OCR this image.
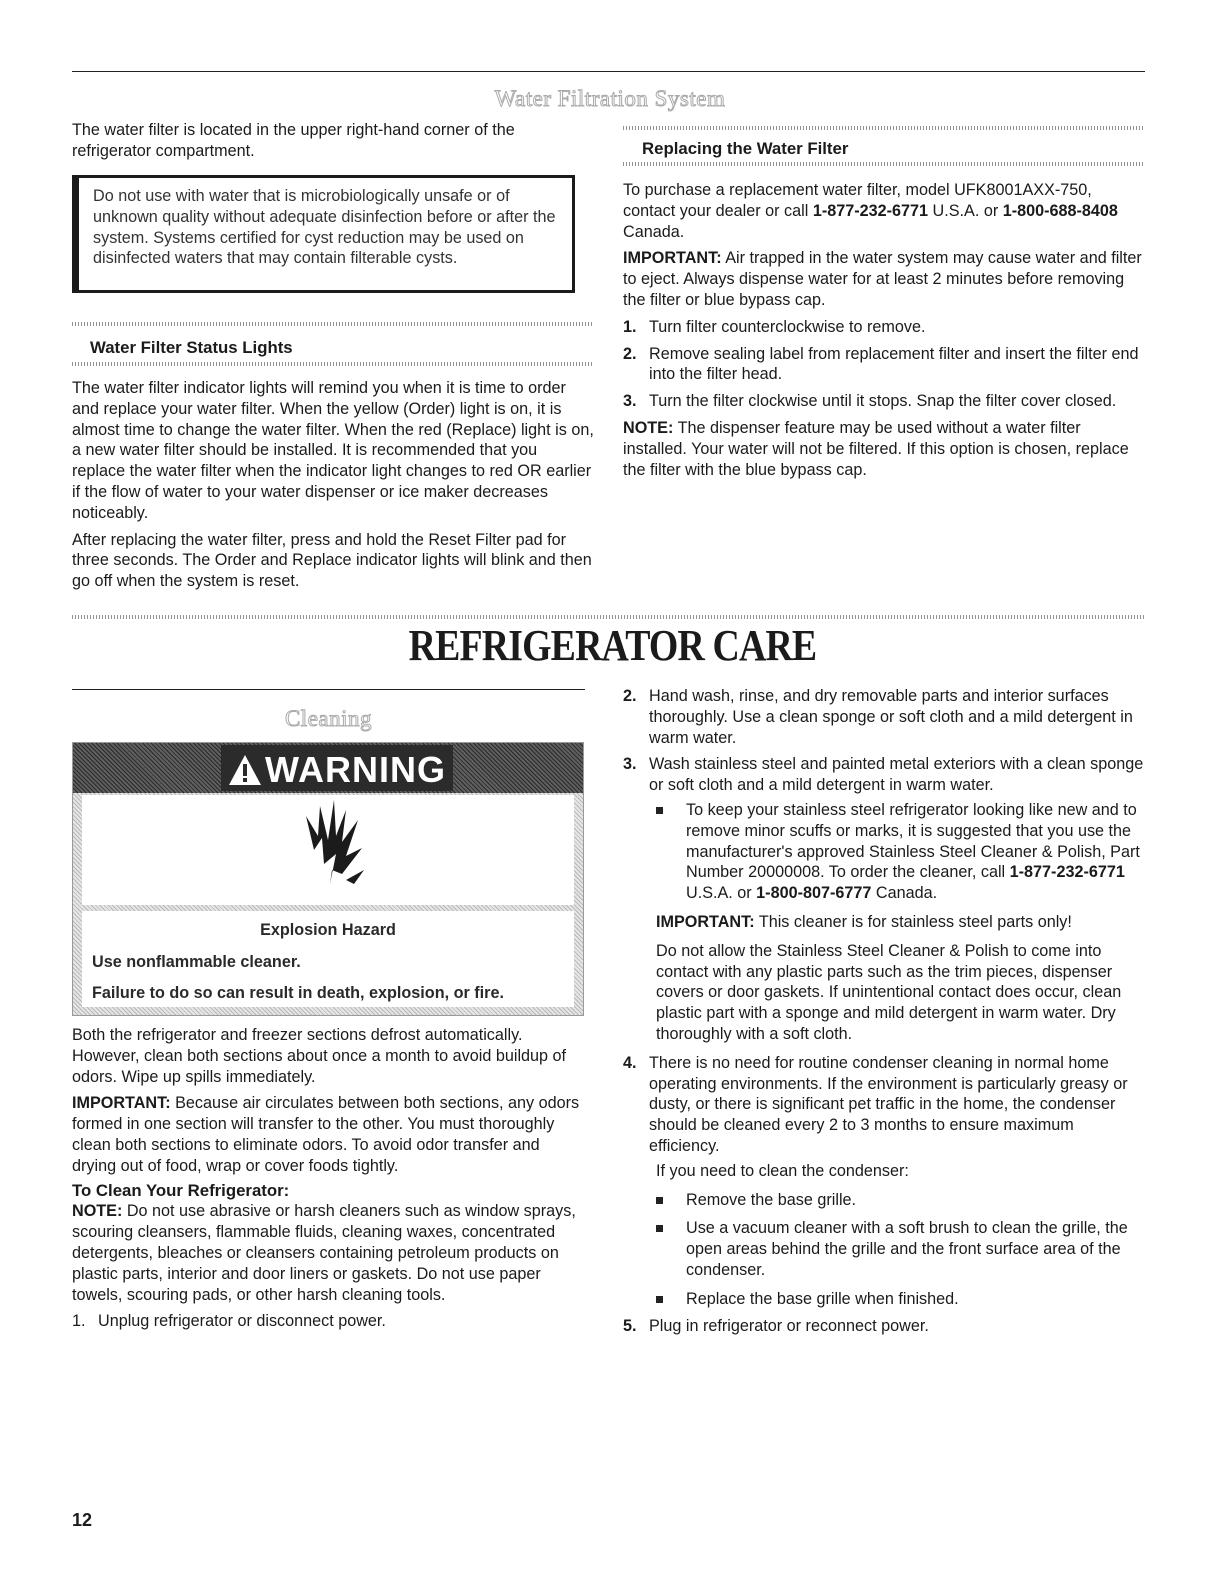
Water Filtration System
The water filter is located in the upper right-hand corner of the refrigerator compartment.
Do not use with water that is microbiologically unsafe or of unknown quality without adequate disinfection before or after the system. Systems certified for cyst reduction may be used on disinfected waters that may contain filterable cysts.
Water Filter Status Lights

The water filter indicator lights will remind you when it is time to order and replace your water filter. When the yellow (Order) light is on, it is almost time to change the water filter. When the red (Replace) light is on, a new water filter should be installed. It is recommended that you replace the water filter when the indicator light changes to red OR earlier if the flow of water to your water dispenser or ice maker decreases noticeably.

After replacing the water filter, press and hold the Reset Filter pad for three seconds. The Order and Replace indicator lights will blink and then go off when the system is reset.

Replacing the Water Filter

To purchase a replacement water filter, model UFK8001AXX-750, contact your dealer or call 1-877-232-6771 U.S.A. or 1-800-688-8408 Canada.

IMPORTANT: Air trapped in the water system may cause water and filter to eject. Always dispense water for at least 2 minutes before removing the filter or blue bypass cap.

1. Turn filter counterclockwise to remove.
2. Remove sealing label from replacement filter and insert the filter end into the filter head.
3. Turn the filter clockwise until it stops. Snap the filter cover closed.

NOTE: The dispenser feature may be used without a water filter installed. Your water will not be filtered. If this option is chosen, replace the filter with the blue bypass cap.

REFRIGERATOR CARE
Cleaning
WARNING
Explosion Hazard
Use nonflammable cleaner.
Failure to do so can result in death, explosion, or fire.

Both the refrigerator and freezer sections defrost automatically. However, clean both sections about once a month to avoid buildup of odors. Wipe up spills immediately.

IMPORTANT: Because air circulates between both sections, any odors formed in one section will transfer to the other. You must thoroughly clean both sections to eliminate odors. To avoid odor transfer and drying out of food, wrap or cover foods tightly.

To Clean Your Refrigerator:

NOTE: Do not use abrasive or harsh cleaners such as window sprays, scouring cleansers, flammable fluids, cleaning waxes, concentrated detergents, bleaches or cleansers containing petroleum products on plastic parts, interior and door liners or gaskets. Do not use paper towels, scouring pads, or other harsh cleaning tools.

1. Unplug refrigerator or disconnect power.
2. Hand wash, rinse, and dry removable parts and interior surfaces thoroughly. Use a clean sponge or soft cloth and a mild detergent in warm water.
3. Wash stainless steel and painted metal exteriors with a clean sponge or soft cloth and a mild detergent in warm water.
To keep your stainless steel refrigerator looking like new and to remove minor scuffs or marks, it is suggested that you use the manufacturer's approved Stainless Steel Cleaner & Polish, Part Number 20000008. To order the cleaner, call 1-877-232-6771 U.S.A. or 1-800-807-6777 Canada.

IMPORTANT: This cleaner is for stainless steel parts only!

Do not allow the Stainless Steel Cleaner & Polish to come into contact with any plastic parts such as the trim pieces, dispenser covers or door gaskets. If unintentional contact does occur, clean plastic part with a sponge and mild detergent in warm water. Dry thoroughly with a soft cloth.

4. There is no need for routine condenser cleaning in normal home operating environments. If the environment is particularly greasy or dusty, or there is significant pet traffic in the home, the condenser should be cleaned every 2 to 3 months to ensure maximum efficiency.

If you need to clean the condenser:

Remove the base grille.
Use a vacuum cleaner with a soft brush to clean the grille, the open areas behind the grille and the front surface area of the condenser.
Replace the base grille when finished.
5. Plug in refrigerator or reconnect power.
12
